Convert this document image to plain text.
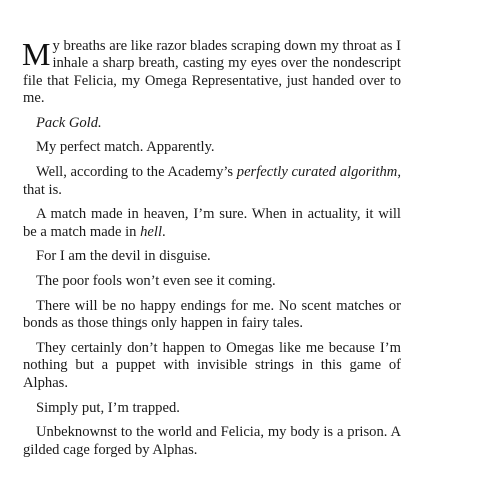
My breaths are like razor blades scraping down my throat as I inhale a sharp breath, casting my eyes over the nondescript file that Felicia, my Omega Representative, just handed over to me.

Pack Gold.

My perfect match. Apparently.

Well, according to the Academy’s perfectly curated algorithm, that is.

A match made in heaven, I’m sure. When in actuality, it will be a match made in hell.

For I am the devil in disguise.

The poor fools won’t even see it coming.

There will be no happy endings for me. No scent matches or bonds as those things only happen in fairy tales.

They certainly don’t happen to Omegas like me because I’m nothing but a puppet with invisible strings in this game of Alphas.

Simply put, I’m trapped.

Unbeknownst to the world and Felicia, my body is a prison. A gilded cage forged by Alphas.
